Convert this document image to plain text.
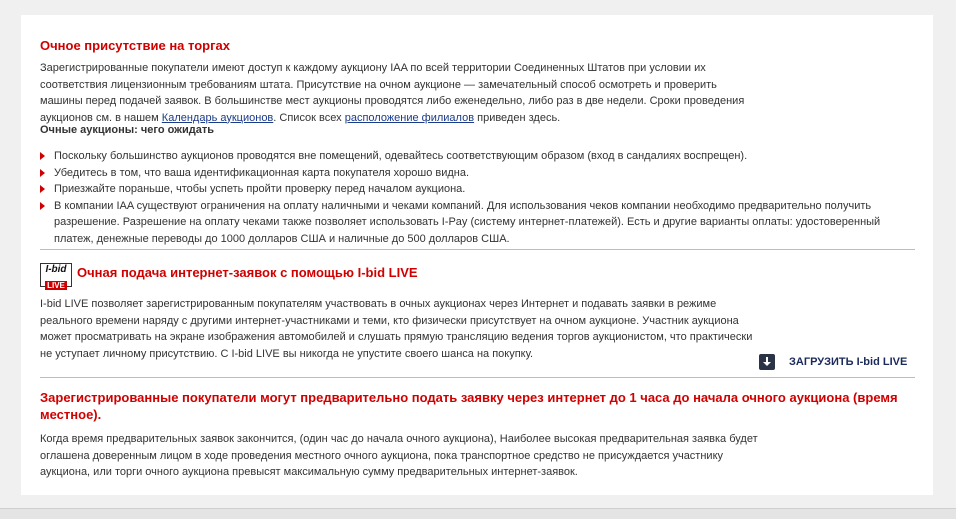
Очное присутствие на торгах

Зарегистрированные покупатели имеют доступ к каждому аукциону IAA по всей территории Соединенных Штатов при условии их соответствия лицензионным требованиям штата. Присутствие на очном аукционе — замечательный способ осмотреть и проверить машины перед подачей заявок. В большинстве мест аукционы проводятся либо еженедельно, либо раз в две недели. Сроки проведения аукционов см. в нашем Календарь аукционов. Список всех расположение филиалов приведен здесь.

Очные аукционы: чего ожидать
Поскольку большинство аукционов проводятся вне помещений, одевайтесь соответствующим образом (вход в сандалиях воспрещен).
Убедитесь в том, что ваша идентификационная карта покупателя хорошо видна.
Приезжайте пораньше, чтобы успеть пройти проверку перед началом аукциона.
В компании IAA существуют ограничения на оплату наличными и чеками компаний. Для использования чеков компании необходимо предварительно получить разрешение. Разрешение на оплату чеками также позволяет использовать I-Pay (систему интернет-платежей). Есть и другие варианты оплаты: удостоверенный платеж, денежные переводы до 1000 долларов США и наличные до 500 долларов США.
I-bid
LIVE
Очная подача интернет-заявок с помощью I-bid LIVE

I-bid LIVE позволяет зарегистрированным покупателям участвовать в очных аукционах через Интернет и подавать заявки в режиме реального времени наряду с другими интернет-участниками и теми, кто физически присутствует на очном аукционе. Участник аукциона может просматривать на экране изображения автомобилей и слушать прямую трансляцию ведения торгов аукционистом, что практически не уступает личному присутствию. С I-bid LIVE вы никогда не упустите своего шанса на покупку.

ЗАГРУЗИТЬ I-bid LIVE
Зарегистрированные покупатели могут предварительно подать заявку через интернет до 1 часа до начала очного аукциона (время местное).

Когда время предварительных заявок закончится, (один час до начала очного аукциона), Наиболее высокая предварительная заявка будет оглашена доверенным лицом в ходе проведения местного очного аукциона, пока транспортное средство не присуждается участнику аукциона, или торги очного аукциона превысят максимальную сумму предварительных интернет-заявок.
